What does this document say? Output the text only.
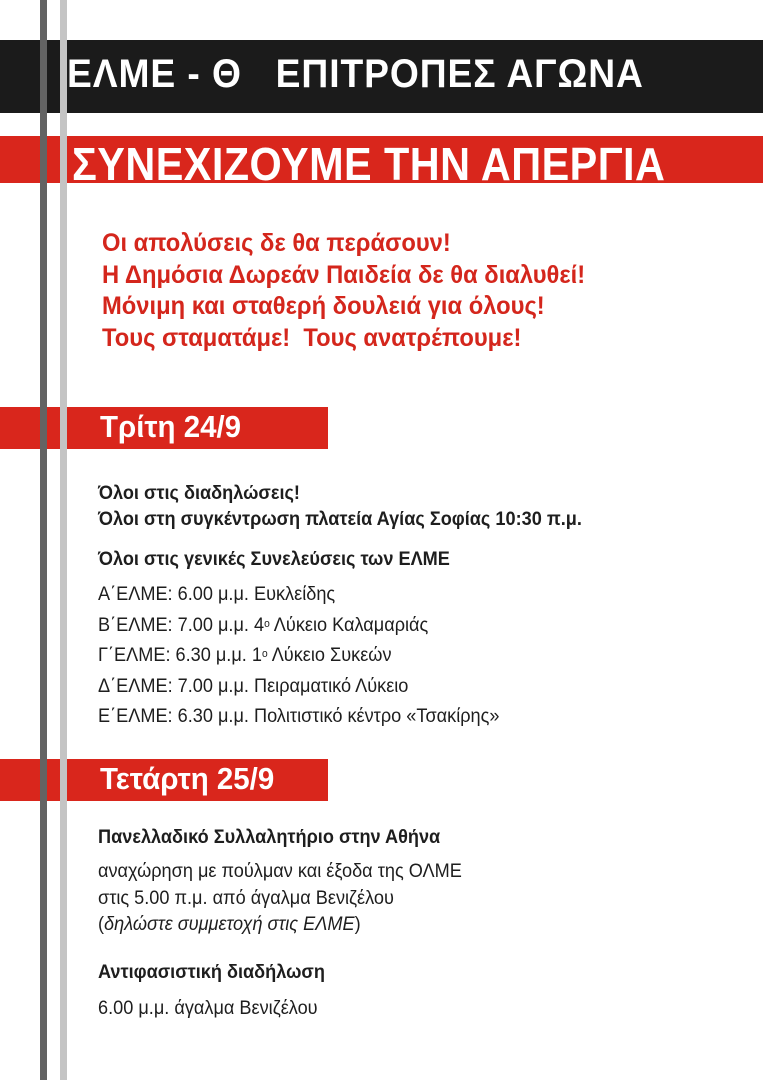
ΕΛΜΕ - Θ   ΕΠΙΤΡΟΠΕΣ ΑΓΩΝΑ
ΣΥΝΕΧΙΖΟΥΜΕ ΤΗΝ ΑΠΕΡΓΙΑ
Οι απολύσεις δε θα περάσουν!
Η Δημόσια Δωρεάν Παιδεία δε θα διαλυθεί!
Μόνιμη και σταθερή δουλειά για όλους!
Τους σταματάμε!  Τους ανατρέπουμε!
Τρίτη 24/9
Όλοι στις διαδηλώσεις!
Όλοι στη συγκέντρωση πλατεία Αγίας Σοφίας 10:30 π.μ.
Όλοι στις γενικές Συνελεύσεις των ΕΛΜΕ
Α΄ΕΛΜΕ: 6.00 μ.μ. Ευκλείδης
Β΄ΕΛΜΕ: 7.00 μ.μ. $4^o$ Λύκειο Καλαμαριάς
Γ΄ΕΛΜΕ: 6.30 μ.μ. $1^o$ Λύκειο Συκεών
Δ΄ΕΛΜΕ: 7.00 μ.μ. Πειραματικό Λύκειο
Ε΄ΕΛΜΕ: 6.30 μ.μ. Πολιτιστικό κέντρο «Τσακίρης»
Τετάρτη 25/9
Πανελλαδικό Συλλαλητήριο στην Αθήνα
αναχώρηση με πούλμαν και έξοδα της ΟΛΜΕ
στις 5.00 π.μ. από άγαλμα Βενιζέλου
(δηλώστε συμμετοχή στις ΕΛΜΕ)
Αντιφασιστική διαδήλωση
6.00 μ.μ. άγαλμα Βενιζέλου
